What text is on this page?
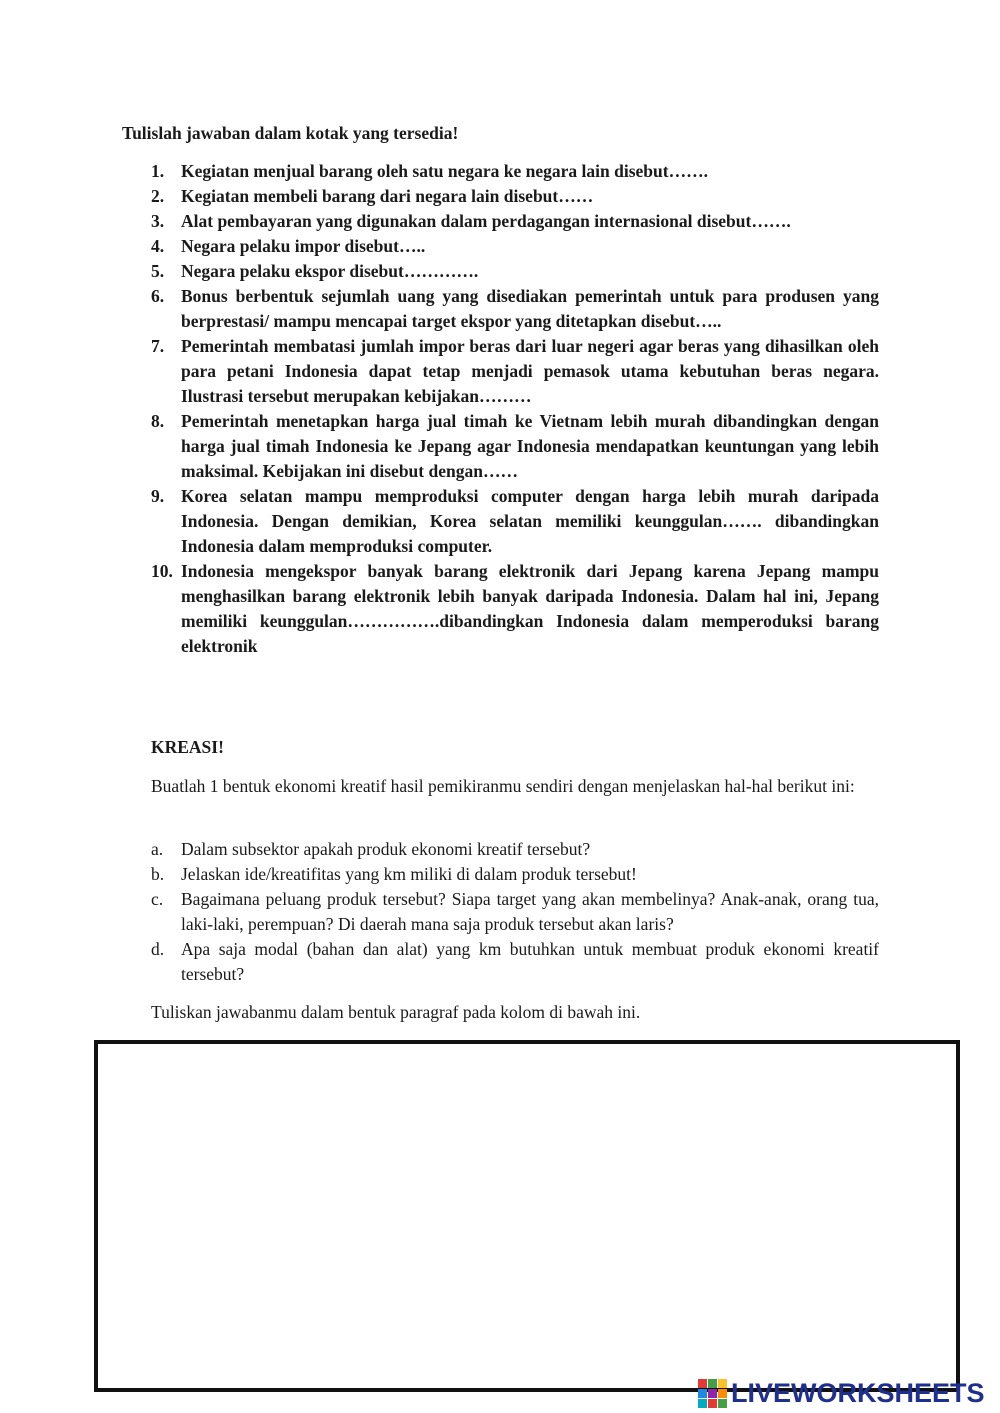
Tulislah jawaban dalam kotak yang tersedia!
1. Kegiatan menjual barang oleh satu negara ke negara lain disebut…….
2. Kegiatan membeli barang dari negara lain disebut……
3. Alat pembayaran yang digunakan dalam perdagangan internasional disebut…….
4. Negara pelaku impor disebut…..
5. Negara pelaku ekspor disebut………….
6. Bonus berbentuk sejumlah uang yang disediakan pemerintah untuk para produsen yang berprestasi/ mampu mencapai target ekspor yang ditetapkan disebut…..
7. Pemerintah membatasi jumlah impor beras dari luar negeri agar beras yang dihasilkan oleh para petani Indonesia dapat tetap menjadi pemasok utama kebutuhan beras negara. Ilustrasi tersebut merupakan kebijakan………
8. Pemerintah menetapkan harga jual timah ke Vietnam lebih murah dibandingkan dengan harga jual timah Indonesia ke Jepang agar Indonesia mendapatkan keuntungan yang lebih maksimal. Kebijakan ini disebut dengan……
9. Korea selatan mampu memproduksi computer dengan harga lebih murah daripada Indonesia. Dengan demikian, Korea selatan memiliki keunggulan……. dibandingkan Indonesia dalam memproduksi computer.
10. Indonesia mengekspor banyak barang elektronik dari Jepang karena Jepang mampu menghasilkan barang elektronik lebih banyak daripada Indonesia. Dalam hal ini, Jepang memiliki keunggulan…………….dibandingkan Indonesia dalam memperoduksi barang elektronik
KREASI!
Buatlah 1 bentuk ekonomi kreatif hasil pemikiranmu sendiri dengan menjelaskan hal-hal berikut ini:
a.	Dalam subsektor apakah produk ekonomi kreatif tersebut?
b. Jelaskan ide/kreatifitas yang km miliki di dalam produk tersebut!
c.	Bagaimana peluang produk tersebut? Siapa target yang akan membelinya? Anak-anak, orang tua, laki-laki, perempuan? Di daerah mana saja produk tersebut akan laris?
d. Apa saja modal (bahan dan alat) yang km butuhkan untuk membuat produk ekonomi kreatif tersebut?
Tuliskan jawabanmu dalam bentuk paragraf pada kolom di bawah ini.
LIVEWORKSHEETS
